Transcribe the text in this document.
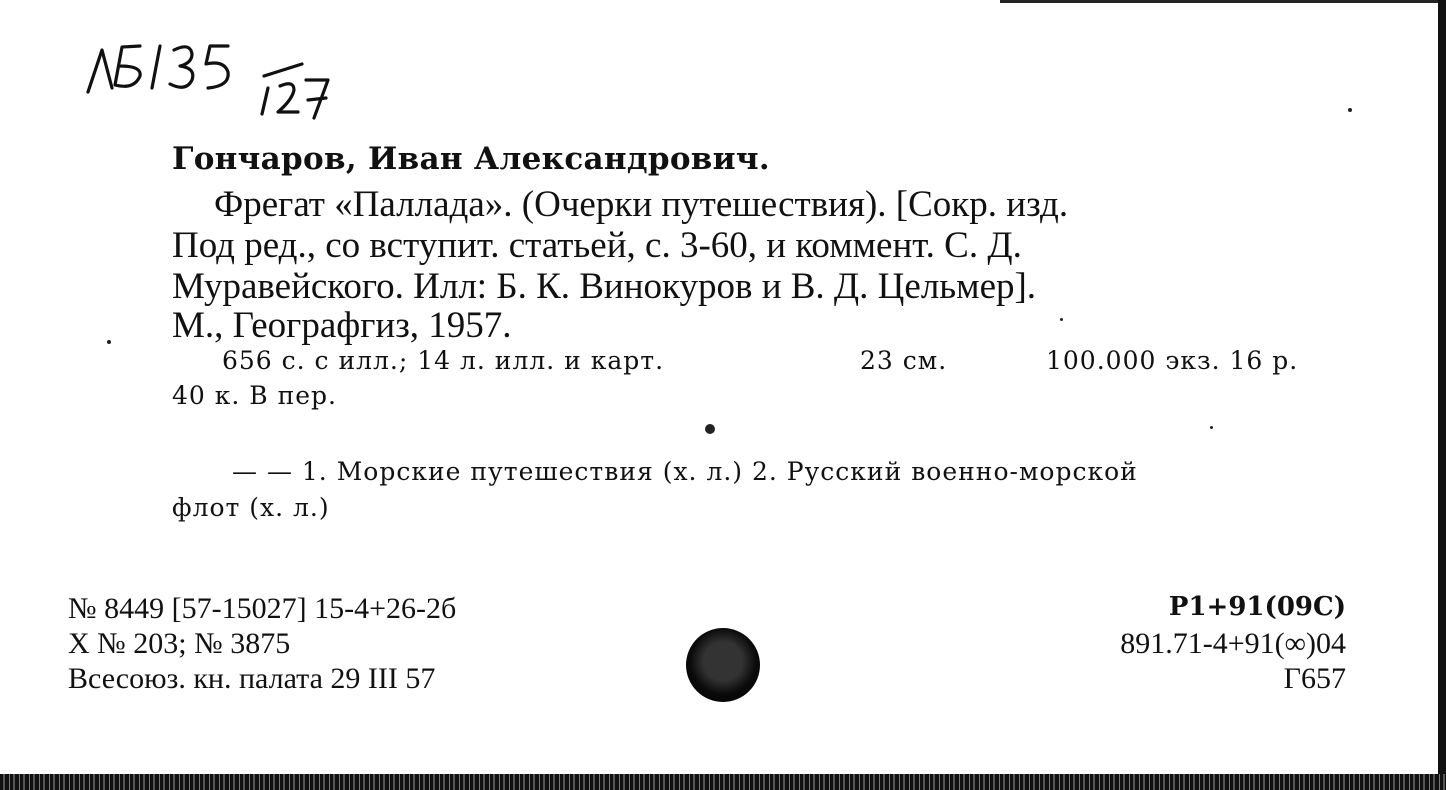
ЛБ135 727
Гончаров, Иван Александрович.
Фрегат «Паллада». (Очерки путешествия). [Сокр. изд.
Под ред., со вступит. статьей, с. 3-60, и коммент. С. Д.
Муравейского. Илл: Б. К. Винокуров и В. Д. Цельмер].
М., Географгиз, 1957.
656 с. с илл.; 14 л. илл. и карт.	23 см.	100.000 экз. 16 р.
40 к. В пер.
— — 1. Морские путешествия (х. л.) 2. Русский военно-морской
флот (х. л.)
№ 8449 [57-15027] 15-4+26-2б
Х № 203; № 3875
Всесоюз. кн. палата 29 III 57
Р1+91(09С)
891.71-4+91(∞)04
Г657
